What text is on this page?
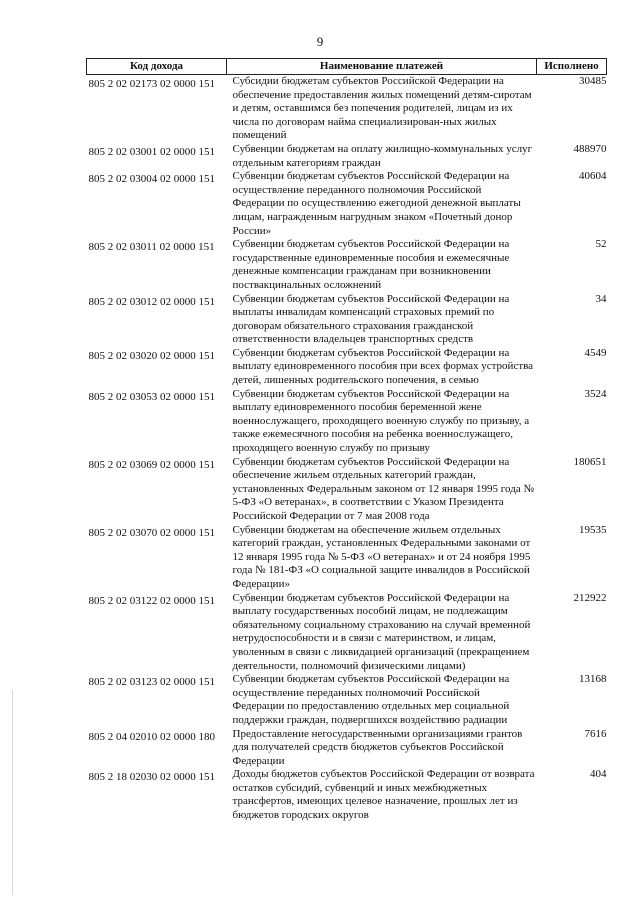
9
Код дохода	Наименование платежей	Исполнено
805 2 02 02173 02 0000 151	Субсидии бюджетам субъектов Российской Федерации на обеспечение предоставления жилых помещений детям-сиротам и детям, оставшимся без попечения родителей, лицам из их числа по договорам найма специализирован-ных жилых помещений	30485
805 2 02 03001 02 0000 151	Субвенции бюджетам на оплату жилищно-коммунальных услуг отдельным категориям граждан	488970
805 2 02 03004 02 0000 151	Субвенции бюджетам субъектов Российской Федерации на осуществление переданного полномочия Российской Федерации по осуществлению ежегодной денежной выплаты лицам, награжденным нагрудным знаком «Почетный донор России»	40604
805 2 02 03011 02 0000 151	Субвенции бюджетам субъектов Российской Федерации на государственные единовременные пособия и ежемесячные денежные компенсации гражданам при возникновении поствакцинальных осложнений	52
805 2 02 03012 02 0000 151	Субвенции бюджетам субъектов Российской Федерации на выплаты инвалидам компенсаций страховых премий по договорам обязательного страхования гражданской ответственности владельцев транспортных средств	34
805 2 02 03020 02 0000 151	Субвенции бюджетам субъектов Российской Федерации на выплату единовременного пособия при всех формах устройства детей, лишенных родительского попечения, в семью	4549
805 2 02 03053 02 0000 151	Субвенции бюджетам субъектов Российской Федерации на выплату единовременного пособия беременной жене военнослужащего, проходящего военную службу по призыву, а также ежемесячного пособия на ребенка военнослужащего, проходящего военную службу по призыву	3524
805 2 02 03069 02 0000 151	Субвенции бюджетам субъектов Российской Федерации на обеспечение жильем отдельных категорий граждан, установленных Федеральным законом от 12 января 1995 года № 5-ФЗ «О ветеранах», в соответствии с Указом Президента Российской Федерации от 7 мая 2008 года	180651
805 2 02 03070 02 0000 151	Субвенции бюджетам на обеспечение жильем отдельных категорий граждан, установленных Федеральными законами от 12 января 1995 года № 5-ФЗ «О ветеранах» и от 24 ноября 1995 года № 181-ФЗ «О социальной защите инвалидов в Российской Федерации»	19535
805 2 02 03122 02 0000 151	Субвенции бюджетам субъектов Российской Федерации на выплату государственных пособий лицам, не подлежащим обязательному социальному страхованию на случай временной нетрудоспособности и в связи с материнством, и лицам, уволенным в связи с ликвидацией организаций (прекращением деятельности, полномочий физическими лицами)	212922
805 2 02 03123 02 0000 151	Субвенции бюджетам субъектов Российской Федерации на осуществление переданных полномочий Российской Федерации по предоставлению отдельных мер социальной поддержки граждан, подвергшихся воздействию радиации	13168
805 2 04 02010 02 0000 180	Предоставление негосударственными организациями грантов для получателей средств бюджетов субъектов Российской Федерации	7616
805 2 18 02030 02 0000 151	Доходы бюджетов субъектов Российской Федерации от возврата остатков субсидий, субвенций и иных межбюджетных трансфертов, имеющих целевое назначение, прошлых лет из бюджетов городских округов	404
